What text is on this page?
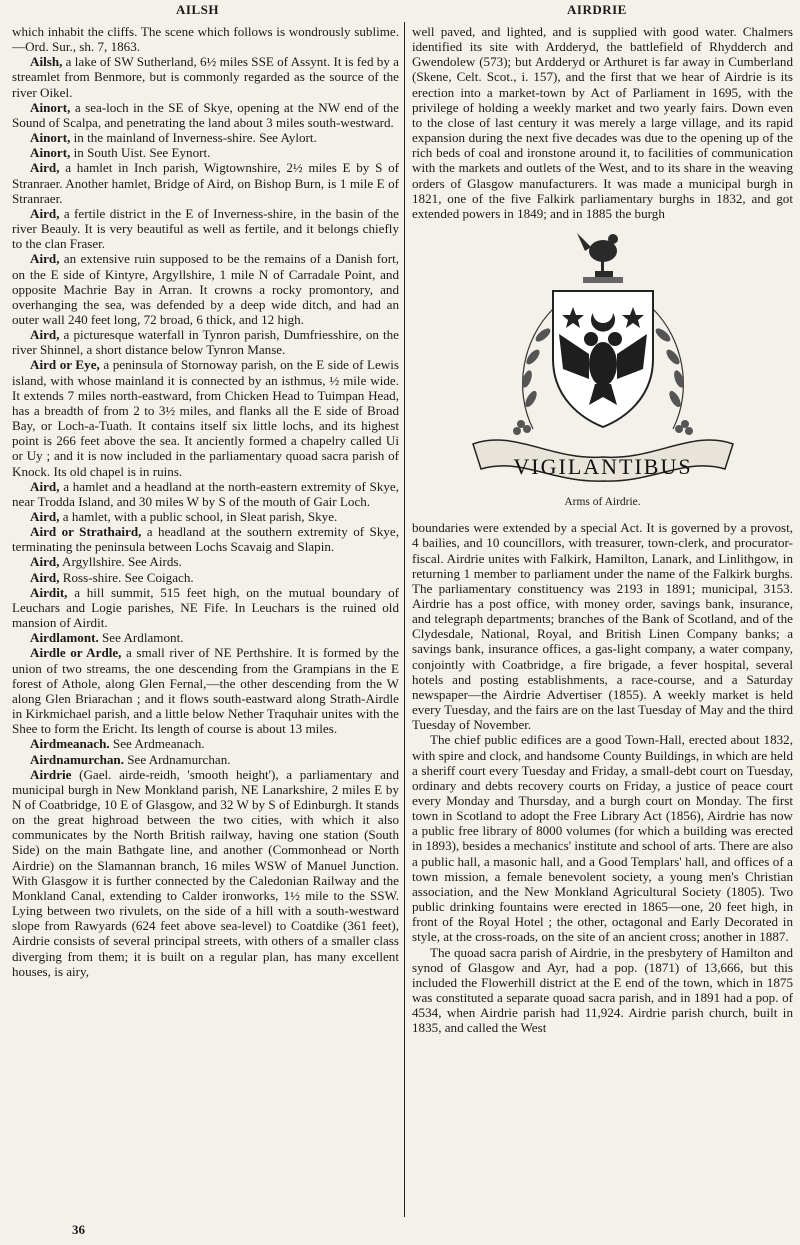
AILSH	AIRDRIE

which inhabit the cliffs. The scene which follows is wondrously sublime.—Ord. Sur., sh. 7, 1863.

Ailsh, a lake of SW Sutherland, 6½ miles SSE of Assynt. It is fed by a streamlet from Benmore, but is commonly regarded as the source of the river Oikel.

Ainort, a sea-loch in the SE of Skye, opening at the NW end of the Sound of Scalpa, and penetrating the land about 3 miles south-westward.

Ainort, in the mainland of Inverness-shire. See Aylort.

Ainort, in South Uist. See Eynort.

Aird, a hamlet in Inch parish, Wigtownshire, 2½ miles E by S of Stranraer. Another hamlet, Bridge of Aird, on Bishop Burn, is 1 mile E of Stranraer.

Aird, a fertile district in the E of Inverness-shire, in the basin of the river Beauly. It is very beautiful as well as fertile, and it belongs chiefly to the clan Fraser.

Aird, an extensive ruin supposed to be the remains of a Danish fort, on the E side of Kintyre, Argyllshire, 1 mile N of Carradale Point, and opposite Machrie Bay in Arran. It crowns a rocky promontory, and overhanging the sea, was defended by a deep wide ditch, and had an outer wall 240 feet long, 72 broad, 6 thick, and 12 high.

Aird, a picturesque waterfall in Tynron parish, Dumfriesshire, on the river Shinnel, a short distance below Tynron Manse.

Aird or Eye, a peninsula of Stornoway parish, on the E side of Lewis island, with whose mainland it is connected by an isthmus, ½ mile wide. It extends 7 miles north-eastward, from Chicken Head to Tuimpan Head, has a breadth of from 2 to 3½ miles, and flanks all the E side of Broad Bay, or Loch-a-Tuath. It contains itself six little lochs, and its highest point is 266 feet above the sea. It anciently formed a chapelry called Ui or Uy ; and it is now included in the parliamentary quoad sacra parish of Knock. Its old chapel is in ruins.

Aird, a hamlet and a headland at the north-eastern extremity of Skye, near Trodda Island, and 30 miles W by S of the mouth of Gair Loch.

Aird, a hamlet, with a public school, in Sleat parish, Skye.

Aird or Strathaird, a headland at the southern extremity of Skye, terminating the peninsula between Lochs Scavaig and Slapin.

Aird, Argyllshire. See Airds.

Aird, Ross-shire. See Coigach.

Airdit, a hill summit, 515 feet high, on the mutual boundary of Leuchars and Logie parishes, NE Fife. In Leuchars is the ruined old mansion of Airdit.

Airdlamont. See Ardlamont.

Airdle or Ardle, a small river of NE Perthshire. It is formed by the union of two streams, the one descending from the Grampians in the E forest of Athole, along Glen Fernal,—the other descending from the W along Glen Briarachan ; and it flows south-eastward along Strath-Airdle in Kirkmichael parish, and a little below Nether Traquhair unites with the Shee to form the Ericht. Its length of course is about 13 miles.

Airdmeanach. See Ardmeanach.

Airdnamurchan. See Ardnamurchan.

Airdrie (Gael. airde-reidh, 'smooth height'), a parliamentary and municipal burgh in New Monkland parish, NE Lanarkshire, 2 miles E by N of Coatbridge, 10 E of Glasgow, and 32 W by S of Edinburgh. It stands on the great highroad between the two cities, with which it also communicates by the North British railway, having one station (South Side) on the main Bathgate line, and another (Commonhead or North Airdrie) on the Slamannan branch, 16 miles WSW of Manuel Junction. With Glasgow it is further connected by the Caledonian Railway and the Monkland Canal, extending to Calder ironworks, 1½ mile to the SSW. Lying between two rivulets, on the side of a hill with a south-westward slope from Rawyards (624 feet above sea-level) to Coatdike (361 feet), Airdrie consists of several principal streets, with others of a smaller class diverging from them; it is built on a regular plan, has many excellent houses, is airy,

well paved, and lighted, and is supplied with good water. Chalmers identified its site with Ardderyd, the battlefield of Rhydderch and Gwendolew (573); but Ardderyd or Arthuret is far away in Cumberland (Skene, Celt. Scot., i. 157), and the first that we hear of Airdrie is its erection into a market-town by Act of Parliament in 1695, with the privilege of holding a weekly market and two yearly fairs. Down even to the close of last century it was merely a large village, and its rapid expansion during the next five decades was due to the opening up of the rich beds of coal and ironstone around it, to facilities of communication with the markets and outlets of the West, and to its share in the weaving orders of Glasgow manufacturers. It was made a municipal burgh in 1821, one of the five Falkirk parliamentary burghs in 1832, and got extended powers in 1849; and in 1885 the burgh

VIGILANTIBUS
Arms of Airdrie.

boundaries were extended by a special Act. It is governed by a provost, 4 bailies, and 10 councillors, with treasurer, town-clerk, and procurator-fiscal. Airdrie unites with Falkirk, Hamilton, Lanark, and Linlithgow, in returning 1 member to parliament under the name of the Falkirk burghs. The parliamentary constituency was 2193 in 1891; municipal, 3153. Airdrie has a post office, with money order, savings bank, insurance, and telegraph departments; branches of the Bank of Scotland, and of the Clydesdale, National, Royal, and British Linen Company banks; a savings bank, insurance offices, a gas-light company, a water company, conjointly with Coatbridge, a fire brigade, a fever hospital, several hotels and posting establishments, a race-course, and a Saturday newspaper—the Airdrie Advertiser (1855). A weekly market is held every Tuesday, and the fairs are on the last Tuesday of May and the third Tuesday of November.

The chief public edifices are a good Town-Hall, erected about 1832, with spire and clock, and handsome County Buildings, in which are held a sheriff court every Tuesday and Friday, a small-debt court on Tuesday, ordinary and debts recovery courts on Friday, a justice of peace court every Monday and Thursday, and a burgh court on Monday. The first town in Scotland to adopt the Free Library Act (1856), Airdrie has now a public free library of 8000 volumes (for which a building was erected in 1893), besides a mechanics' institute and school of arts. There are also a public hall, a masonic hall, and a Good Templars' hall, and offices of a town mission, a female benevolent society, a young men's Christian association, and the New Monkland Agricultural Society (1805). Two public drinking fountains were erected in 1865—one, 20 feet high, in front of the Royal Hotel ; the other, octagonal and Early Decorated in style, at the cross-roads, on the site of an ancient cross; another in 1887.

The quoad sacra parish of Airdrie, in the presbytery of Hamilton and synod of Glasgow and Ayr, had a pop. (1871) of 13,666, but this included the Flowerhill district at the E end of the town, which in 1875 was constituted a separate quoad sacra parish, and in 1891 had a pop. of 4534, when Airdrie parish had 11,924. Airdrie parish church, built in 1835, and called the West

36
